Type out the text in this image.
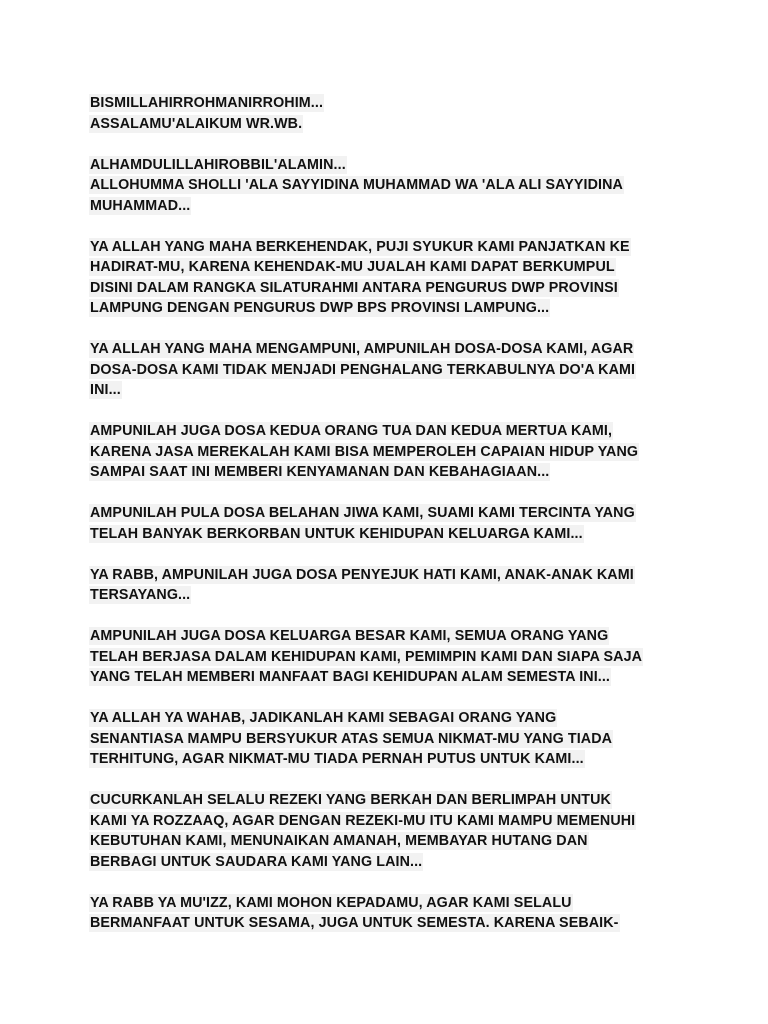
BISMILLAHIRROHMANIRROHIM...
ASSALAMU'ALAIKUM WR.WB.
ALHAMDULILLAHIROBBIL'ALAMIN...
ALLOHUMMA SHOLLI 'ALA SAYYIDINA MUHAMMAD WA 'ALA ALI SAYYIDINA
MUHAMMAD...
YA ALLAH YANG MAHA BERKEHENDAK, PUJI SYUKUR KAMI PANJATKAN KE
HADIRAT-MU, KARENA KEHENDAK-MU JUALAH KAMI DAPAT BERKUMPUL
DISINI DALAM RANGKA SILATURAHMI ANTARA PENGURUS DWP PROVINSI
LAMPUNG DENGAN PENGURUS DWP BPS PROVINSI LAMPUNG...
YA ALLAH YANG MAHA MENGAMPUNI, AMPUNILAH DOSA-DOSA KAMI, AGAR
DOSA-DOSA KAMI TIDAK MENJADI PENGHALANG TERKABULNYA DO'A KAMI
INI...
AMPUNILAH JUGA DOSA KEDUA ORANG TUA DAN KEDUA MERTUA KAMI,
KARENA JASA MEREKALAH KAMI BISA MEMPEROLEH CAPAIAN HIDUP YANG
SAMPAI SAAT INI MEMBERI KENYAMANAN DAN KEBAHAGIAAN...
AMPUNILAH PULA DOSA BELAHAN JIWA KAMI, SUAMI KAMI TERCINTA YANG
TELAH BANYAK BERKORBAN UNTUK KEHIDUPAN KELUARGA KAMI...
YA RABB, AMPUNILAH JUGA DOSA PENYEJUK HATI KAMI, ANAK-ANAK KAMI
TERSAYANG...
AMPUNILAH JUGA DOSA KELUARGA BESAR KAMI, SEMUA ORANG YANG
TELAH BERJASA DALAM KEHIDUPAN KAMI, PEMIMPIN KAMI DAN SIAPA SAJA
YANG TELAH MEMBERI MANFAAT BAGI KEHIDUPAN ALAM SEMESTA INI...
YA ALLAH YA WAHAB, JADIKANLAH KAMI SEBAGAI ORANG YANG
SENANTIASA MAMPU BERSYUKUR ATAS SEMUA NIKMAT-MU YANG TIADA
TERHITUNG, AGAR NIKMAT-MU TIADA PERNAH PUTUS UNTUK KAMI...
CUCURKANLAH SELALU REZEKI YANG BERKAH DAN BERLIMPAH UNTUK
KAMI YA ROZZAAQ, AGAR DENGAN REZEKI-MU ITU KAMI MAMPU MEMENUHI
KEBUTUHAN KAMI, MENUNAIKAN AMANAH, MEMBAYAR HUTANG DAN
BERBAGI UNTUK SAUDARA KAMI YANG LAIN...
YA RABB YA MU'IZZ, KAMI MOHON KEPADAMU, AGAR KAMI SELALU
BERMANFAAT UNTUK SESAMA, JUGA UNTUK SEMESTA. KARENA SEBAIK-
